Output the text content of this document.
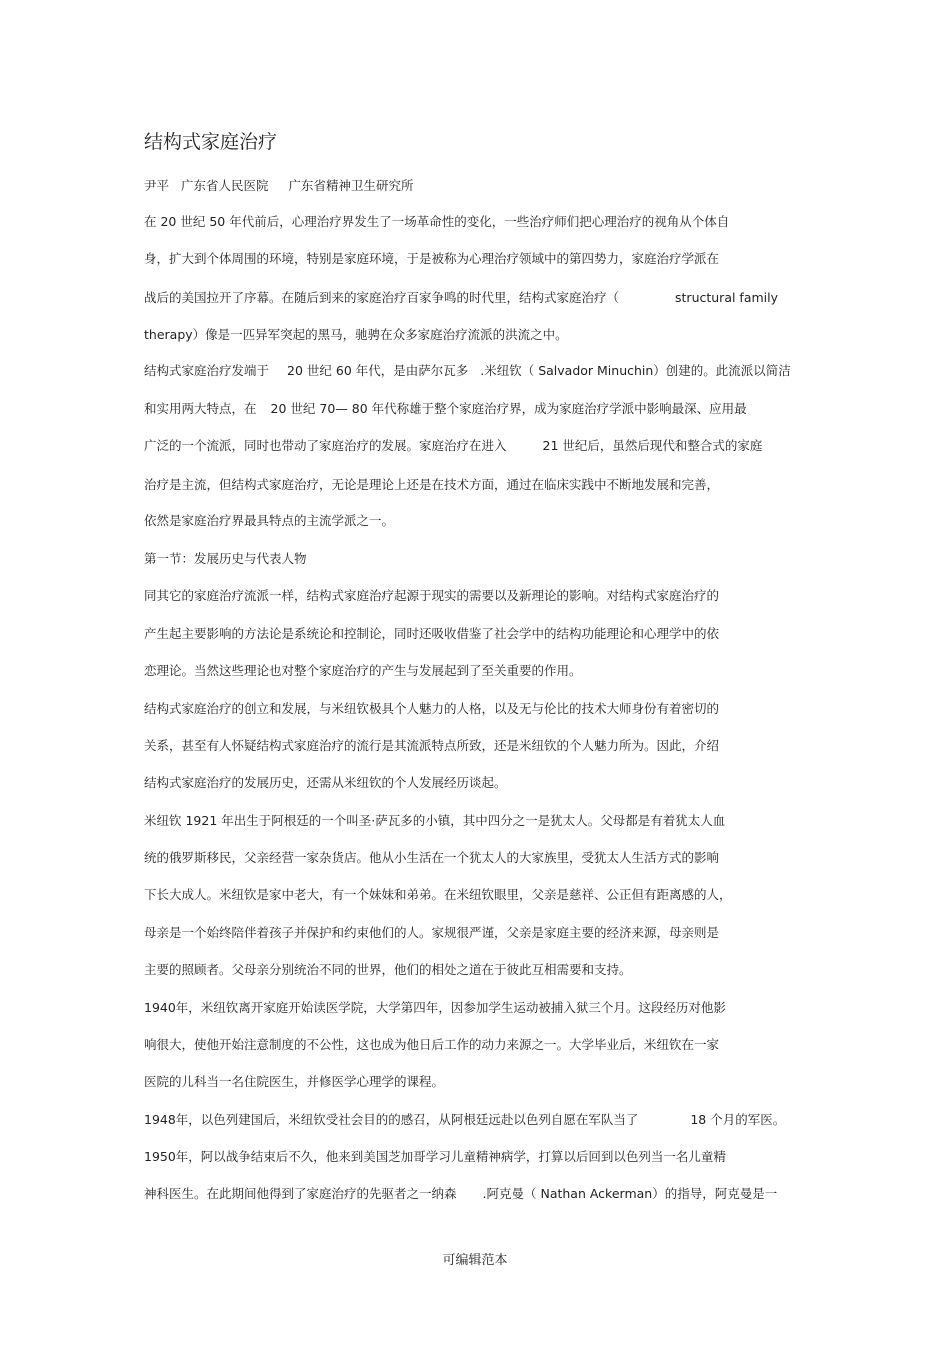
结构式家庭治疗
尹平 广东省人民医院 广东省精神卫生研究所
在 20 世纪 50 年代前后，心理治疗界发生了一场革命性的变化，一些治疗师们把心理治疗的视角从个体自
身，扩大到个体周围的环境，特别是家庭环境，于是被称为心理治疗领域中的第四势力，家庭治疗学派在
战后的美国拉开了序幕。在随后到来的家庭治疗百家争鸣的时代里，结构式家庭治疗（	structural family
therapy）像是一匹异军突起的黑马，驰骋在众多家庭治疗流派的洪流之中。
结构式家庭治疗发端于 20 世纪 60 年代，是由萨尔瓦多 .米纽钦（ Salvador Minuchin）创建的。此流派以简洁
和实用两大特点，在 20 世纪 70— 80 年代称雄于整个家庭治疗界，成为家庭治疗学派中影响最深、应用最
广泛的一个流派，同时也带动了家庭治疗的发展。家庭治疗在进入	21 世纪后，虽然后现代和整合式的家庭
治疗是主流，但结构式家庭治疗，无论是理论上还是在技术方面，通过在临床实践中不断地发展和完善，
依然是家庭治疗界最具特点的主流学派之一。
第一节：发展历史与代表人物
同其它的家庭治疗流派一样，结构式家庭治疗起源于现实的需要以及新理论的影响。对结构式家庭治疗的
产生起主要影响的方法论是系统论和控制论，同时还吸收借鉴了社会学中的结构功能理论和心理学中的依
恋理论。当然这些理论也对整个家庭治疗的产生与发展起到了至关重要的作用。
结构式家庭治疗的创立和发展，与米纽钦极具个人魅力的人格，以及无与伦比的技术大师身份有着密切的
关系，甚至有人怀疑结构式家庭治疗的流行是其流派特点所致，还是米纽钦的个人魅力所为。因此，介绍
结构式家庭治疗的发展历史，还需从米纽钦的个人发展经历谈起。
米纽钦 1921 年出生于阿根廷的一个叫圣·萨瓦多的小镇，其中四分之一是犹太人。父母都是有着犹太人血
统的俄罗斯移民，父亲经营一家杂货店。他从小生活在一个犹太人的大家族里，受犹太人生活方式的影响
下长大成人。米纽钦是家中老大，有一个妹妹和弟弟。在米纽钦眼里，父亲是慈祥、公正但有距离感的人，
母亲是一个始终陪伴着孩子并保护和约束他们的人。家规很严谨，父亲是家庭主要的经济来源，母亲则是
主要的照顾者。父母亲分别统治不同的世界，他们的相处之道在于彼此互相需要和支持。
1940年，米纽钦离开家庭开始读医学院，大学第四年，因参加学生运动被捕入狱三个月。这段经历对他影
响很大，使他开始注意制度的不公性，这也成为他日后工作的动力来源之一。大学毕业后，米纽钦在一家
医院的儿科当一名住院医生，并修医学心理学的课程。
1948年，以色列建国后，米纽钦受社会目的的感召，从阿根廷远赴以色列自愿在军队当了	18 个月的军医。
1950年，阿以战争结束后不久，他来到美国芝加哥学习儿童精神病学，打算以后回到以色列当一名儿童精
神科医生。在此期间他得到了家庭治疗的先驱者之一纳森 .阿克曼（ Nathan Ackerman）的指导，阿克曼是一
可编辑范本
